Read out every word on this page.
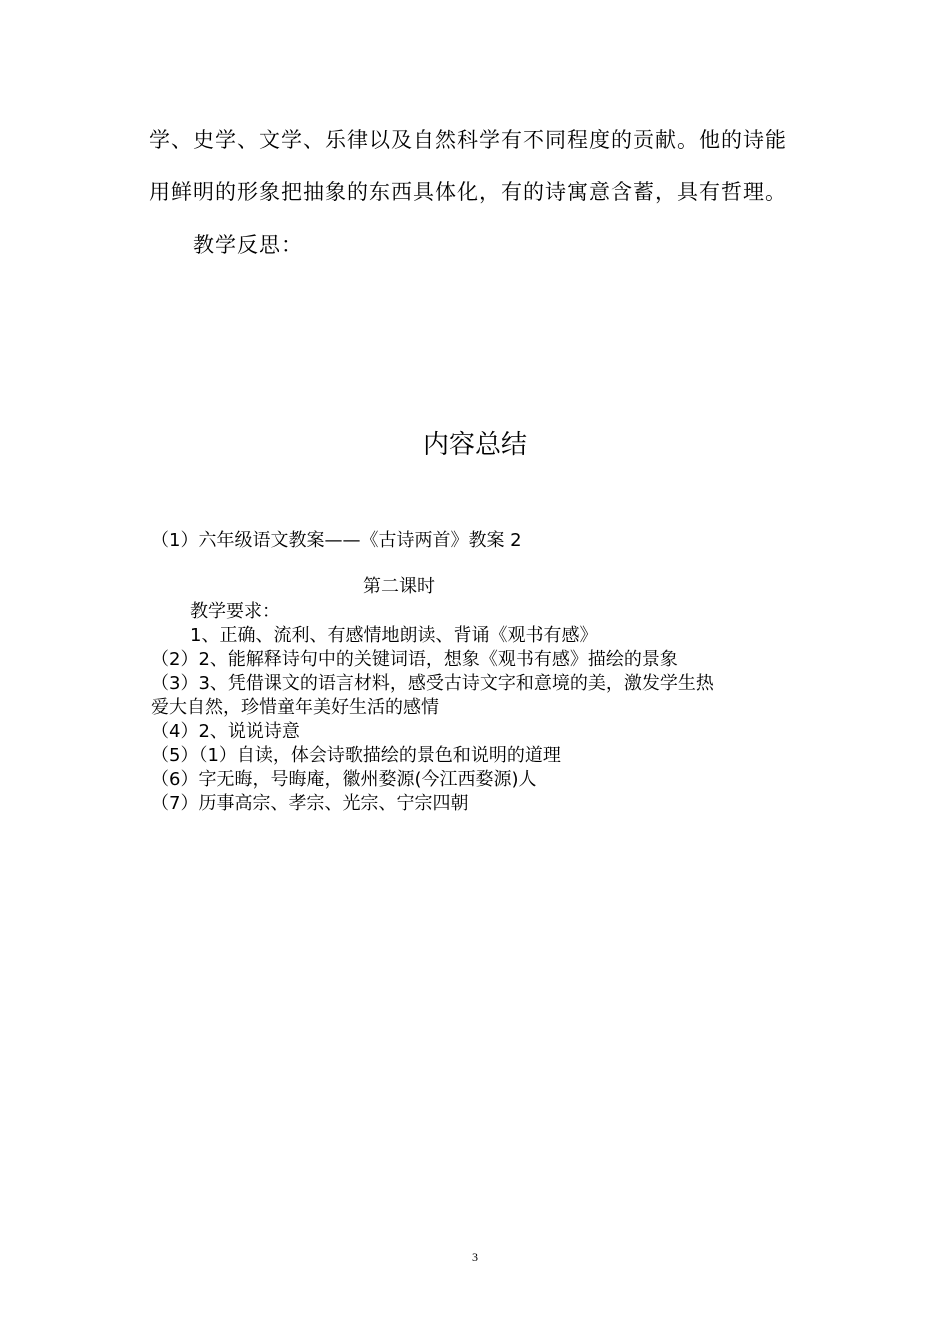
学、史学、文学、乐律以及自然科学有不同程度的贡献。他的诗能
用鲜明的形象把抽象的东西具体化，有的诗寓意含蓄，具有哲理。
教学反思：
内容总结
（1）六年级语文教案——《古诗两首》教案 2
第二课时
教学要求：
1、正确、流利、有感情地朗读、背诵《观书有感》
（2）2、能解释诗句中的关键词语，想象《观书有感》描绘的景象
（3）3、凭借课文的语言材料，感受古诗文字和意境的美，激发学生热
爱大自然，珍惜童年美好生活的感情
（4）2、说说诗意
（5）（1）自读，体会诗歌描绘的景色和说明的道理
（6）字无晦，号晦庵，徽州婺源(今江西婺源)人
（7）历事高宗、孝宗、光宗、宁宗四朝
3
